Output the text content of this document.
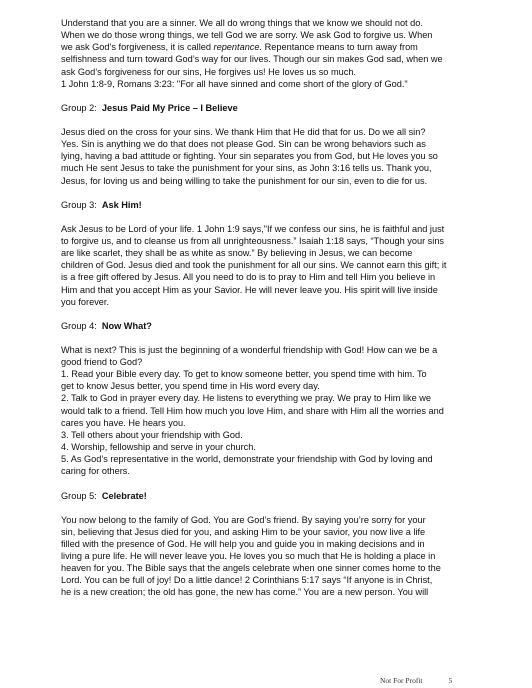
Understand that you are a sinner. We all do wrong things that we know we should not do.
When we do those wrong things, we tell God we are sorry. We ask God to forgive us. When
we ask God’s forgiveness, it is called repentance. Repentance means to turn away from
selfishness and turn toward God’s way for our lives. Though our sin makes God sad, when we
ask God’s forgiveness for our sins, He forgives us! He loves us so much.
1 John 1:8-9, Romans 3:23: "For all have sinned and come short of the glory of God."

Group 2: Jesus Paid My Price – I Believe

Jesus died on the cross for your sins. We thank Him that He did that for us. Do we all sin?
Yes. Sin is anything we do that does not please God. Sin can be wrong behaviors such as
lying, having a bad attitude or fighting. Your sin separates you from God, but He loves you so
much He sent Jesus to take the punishment for your sins, as John 3:16 tells us. Thank you,
Jesus, for loving us and being willing to take the punishment for our sin, even to die for us.

Group 3: Ask Him!

Ask Jesus to be Lord of your life. 1 John 1:9 says,"If we confess our sins, he is faithful and just
to forgive us, and to cleanse us from all unrighteousness.” Isaiah 1:18 says, “Though your sins
are like scarlet, they shall be as white as snow.” By believing in Jesus, we can become
children of God. Jesus died and took the punishment for all our sins. We cannot earn this gift; it
is a free gift offered by Jesus. All you need to do is to pray to Him and tell Him you believe in
Him and that you accept Him as your Savior. He will never leave you. His spirit will live inside
you forever.

Group 4: Now What?

What is next? This is just the beginning of a wonderful friendship with God! How can we be a
good friend to God?
1. Read your Bible every day. To get to know someone better, you spend time with him. To
get to know Jesus better, you spend time in His word every day.
2. Talk to God in prayer every day. He listens to everything we pray. We pray to Him like we
would talk to a friend. Tell Him how much you love Him, and share with Him all the worries and
cares you have. He hears you.
3. Tell others about your friendship with God.
4. Worship, fellowship and serve in your church.
5. As God’s representative in the world, demonstrate your friendship with God by loving and
caring for others.

Group 5: Celebrate!

You now belong to the family of God. You are God’s friend. By saying you’re sorry for your
sin, believing that Jesus died for you, and asking Him to be your savior, you now live a life
filled with the presence of God. He will help you and guide you in making decisions and in
living a pure life. He will never leave you. He loves you so much that He is holding a place in
heaven for you. The Bible says that the angels celebrate when one sinner comes home to the
Lord. You can be full of joy! Do a little dance! 2 Corinthians 5:17 says “If anyone is in Christ,
he is a new creation; the old has gone, the new has come.” You are a new person. You will

Not For Profit	5
